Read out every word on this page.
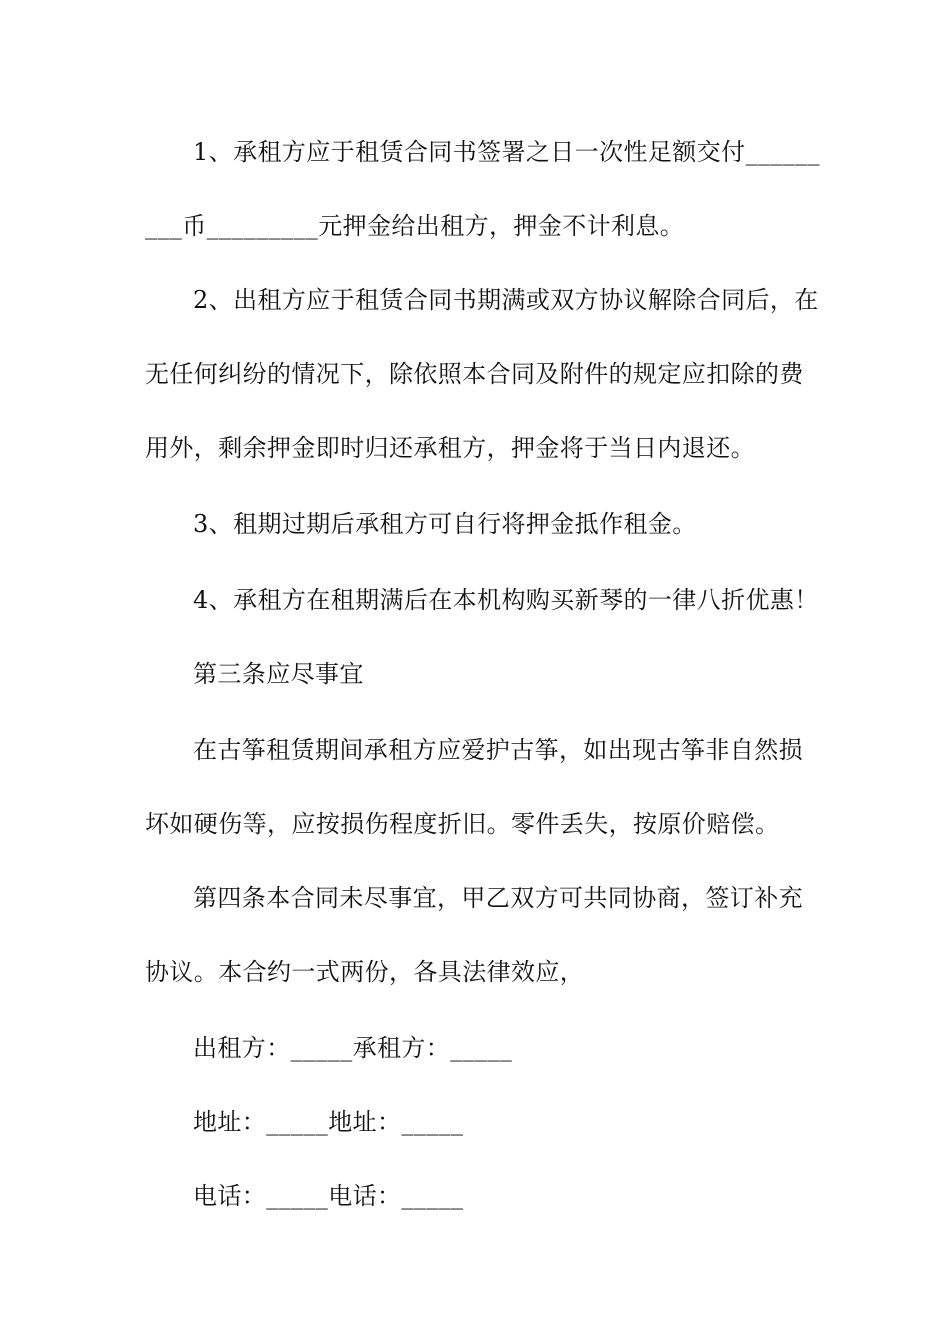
1、承租方应于租赁合同书签署之日一次性足额交付______
___币_________元押金给出租方，押金不计利息。
2、出租方应于租赁合同书期满或双方协议解除合同后，在
无任何纠纷的情况下，除依照本合同及附件的规定应扣除的费
用外，剩余押金即时归还承租方，押金将于当日内退还。
3、租期过期后承租方可自行将押金抵作租金。
4、承租方在租期满后在本机构购买新琴的一律八折优惠！
第三条应尽事宜
在古筝租赁期间承租方应爱护古筝，如出现古筝非自然损
坏如硬伤等，应按损伤程度折旧。零件丢失，按原价赔偿。
第四条本合同未尽事宜，甲乙双方可共同协商，签订补充
协议。本合约一式两份，各具法律效应，
出租方：_____承租方：_____
地址：_____地址：_____
电话：_____电话：_____
